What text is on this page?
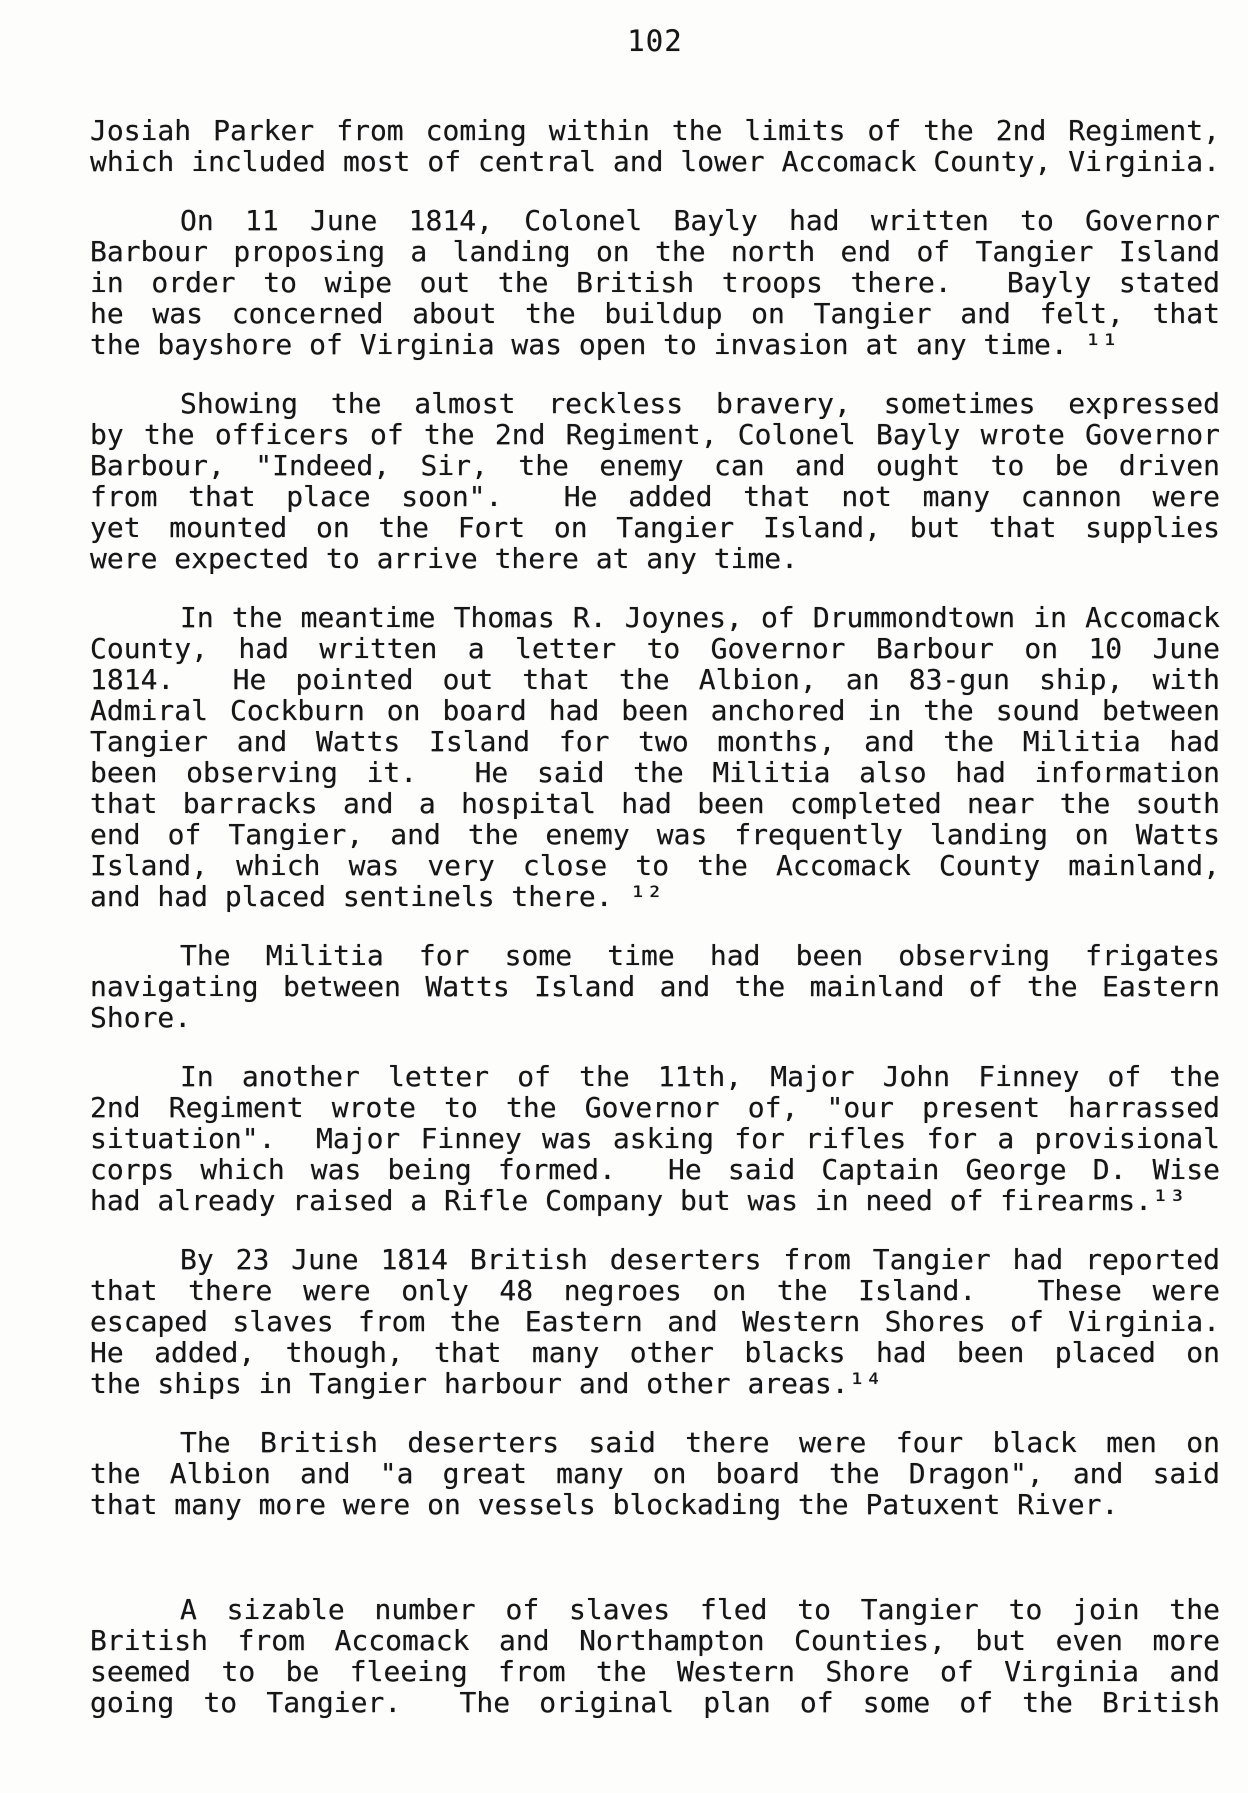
102
Josiah Parker from coming within the limits of the 2nd Regiment,
which included most of central and lower Accomack County, Virginia.
On 11 June 1814, Colonel Bayly had written to Governor
Barbour proposing a landing on the north end of Tangier Island
in order to wipe out the British troops there.  Bayly stated
he was concerned about the buildup on Tangier and felt, that
the bayshore of Virginia was open to invasion at any time. ¹¹
Showing the almost reckless bravery, sometimes expressed
by the officers of the 2nd Regiment, Colonel Bayly wrote Governor
Barbour, "Indeed, Sir, the enemy can and ought to be driven
from that place soon".  He added that not many cannon were
yet mounted on the Fort on Tangier Island, but that supplies
were expected to arrive there at any time.
In the meantime Thomas R. Joynes, of Drummondtown in Accomack
County, had written a letter to Governor Barbour on 10 June
1814.  He pointed out that the Albion, an 83-gun ship, with
Admiral Cockburn on board had been anchored in the sound between
Tangier and Watts Island for two months, and the Militia had
been observing it.  He said the Militia also had information
that barracks and a hospital had been completed near the south
end of Tangier, and the enemy was frequently landing on Watts
Island, which was very close to the Accomack County mainland,
and had placed sentinels there. ¹²
The Militia for some time had been observing frigates
navigating between Watts Island and the mainland of the Eastern
Shore.
In another letter of the 11th, Major John Finney of the
2nd Regiment wrote to the Governor of, "our present harrassed
situation".  Major Finney was asking for rifles for a provisional
corps which was being formed.  He said Captain George D. Wise
had already raised a Rifle Company but was in need of firearms.¹³
By 23 June 1814 British deserters from Tangier had reported
that there were only 48 negroes on the Island.  These were
escaped slaves from the Eastern and Western Shores of Virginia.
He added, though, that many other blacks had been placed on
the ships in Tangier harbour and other areas.¹⁴
The British deserters said there were four black men on
the Albion and "a great many on board the Dragon", and said
that many more were on vessels blockading the Patuxent River.
A sizable number of slaves fled to Tangier to join the
British from Accomack and Northampton Counties, but even more
seemed to be fleeing from the Western Shore of Virginia and
going to Tangier.  The original plan of some of the British
